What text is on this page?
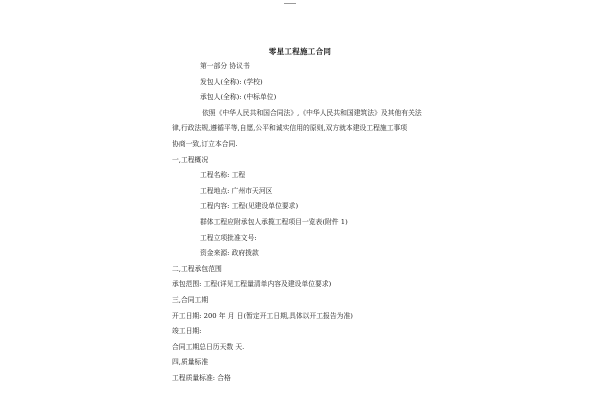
零星工程施工合同
第一部分 协议书
发包人(全称): (学校)
承包人(全称): (中标单位)
依照《中华人民共和国合同法》,《中华人民共和国建筑法》及其他有关法
律,行政法规,遵循平等,自愿,公平和诚实信用的原则,双方就本建设工程施工事项
协商一致,订立本合同.
一,工程概况
工程名称: 工程
工程地点: 广州市天河区
工程内容: 工程(见建设单位要求)
群体工程应附承包人承揽工程项目一览表(附件 1)
工程立项批准文号:
资金来源: 政府拨款
二,工程承包范围
承包范围: 工程(详见工程量清单内容及建设单位要求)
三,合同工期
开工日期: 200 年 月 日(暂定开工日期,具体以开工报告为准)
竣工日期:
合同工期总日历天数 天.
四,质量标准
工程质量标准: 合格
